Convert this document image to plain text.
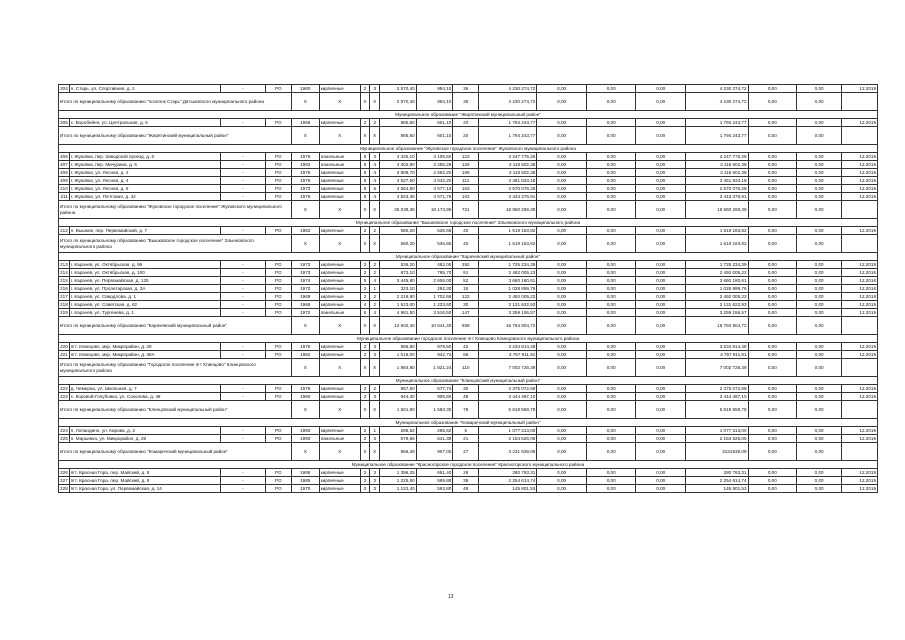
204	п. Старь, ул. Спортивная, д. 2	-	РО	1960	кирпичные	2	3	2 570,40	994,10	36	4 230 274,72	0,00	0,00	0,00	4 230 274,72	0,00	0,00	12.2019
Итого по муниципальному образованию "поселок Старь" Дятьковского муниципального района				X	X	X	X	2 570,40	994,10	36	4 230 274,72	0,00	0,00	0,00	4 230 274,72	0,00	0,00	
Муниципальное образование "Жирятинский муниципальный район"																		
205	с. Воробейня, ул. Центральная, д. 5	-	РО	1968	кирпичные	2	2	885,60	601,10	20	1 794 243,77	0,00	0,00	0,00	1 794 243,77	0,00	0,00	12.2019
Итого по муниципальному образованию "Жирятинский муниципальный район"				X	X	X	X	885,60	601,10	20	1 794 243,77	0,00	0,00	0,00	1 794 243,77	0,00	0,00	
Муниципальное образование "Жуковское городское поселение" Жуковского муниципального района																		
206	г. Жуковка, пер. Заводской проезд, д. 6	-	РО	1976	панельные	5	3	4 425,10	3 105,50	123	3 247 775,26	0,00	0,00	0,00	3 247 775,26	0,00	0,00	12.2019
207	г. Жуковка, пер. Мичурина, д. 5	-	РО	1983	панельные	5	4	4 402,90	3 285,29	125	3 118 602,38	0,00	0,00	0,00	3 118 602,38	0,00	0,00	12.2019
208	г. Жуковка, ул. Лесная, д. 2	-	РО	1975	кирпичные	5	4	3 809,70	2 592,20	106	3 118 602,38	0,00	0,00	0,00	3 118 602,38	0,00	0,00	12.2019
209	г. Жуковка, ул. Лесная, д. 4	-	РО	1976	кирпичные	5	4	4 527,50	3 042,20	112	3 461 833,18	0,00	0,00	0,00	3 461 833,18	0,00	0,00	12.2019
210	г. Жуковка, ул. Лесная, д. 6	-	РО	1973	кирпичные	5	6	4 554,60	3 077,13	153	2 570 076,28	0,00	0,00	0,00	2 570 076,28	0,00	0,00	12.2019
211	г. Жуковка, ул. Почтовая, д. 42	-	РО	1976	кирпичные	5	4	4 523,36	3 071,76	102	3 443 379,91	0,00	0,00	0,00	3 443 379,91	0,00	0,00	12.2019
Итого по муниципальному образованию "Жуковское городское поселение" Жуковского муниципального района				X	X	X	X	26 039,36	18 173,95	721	18 960 269,39	0,00	0,00	0,00	18 960 269,39	0,00	0,00	
Муниципальное образование "Вышковское городское поселение" Злынковского муниципального района																		
212	п. Вышков, пер. Первомайский, д. 7	-	РО	1962	кирпичные	2	2	580,20	536,65	40	1 619 163,82	0,00	0,00	0,00	1 619 163,82	0,00	0,00	12.2019
Итого по муниципальному образованию "Вышковское городское поселение" Злынковского муниципального района				X	X	X	X	580,20	536,65	40	1 619 163,82	0,00	0,00	0,00	1 619 163,82	0,00	0,00	
Муниципальное образование "Карачевский муниципальный район"																		
213	г. Карачев, ул. Октябрьская, д. 96	-	РО	1973	кирпичные	2	2	536,20	482,06	292	1 725 234,39	0,00	0,00	0,00	1 725 234,39	0,00	0,00	12.2019
214	г. Карачев, ул. Октябрьская, д. 100	-	РО	1973	кирпичные	2	2	873,10	795,70	91	2 492 005,23	0,00	0,00	0,00	2 492 005,23	0,00	0,00	12.2016
215	г. Карачев, ул. Первомайская, д. 125	-	РО	1974	кирпичные	5	4	3 445,80	2 606,00	52	3 660 180,61	0,00	0,00	0,00	3 660 180,61	0,00	0,00	12.2016
216	г. Карачев, ул. Пролетарская, д. 2А	-	РО	1972	кирпичные	2	1	323,10	292,30	15	1 028 899,76	0,00	0,00	0,00	1 028 899,76	0,00	0,00	12.2016
217	г. Карачев, ул. Свердлова, д. 1	-	РО	1969	кирпичные	2	2	2 219,90	1 702,66	122	2 492 005,23	0,00	0,00	0,00	2 492 005,23	0,00	0,00	12.2019
218	г. Карачев, ул. Советская, д. 62	-	РО	1968	кирпичные	4	2	1 623,00	1 233,60	30	2 131 622,93	0,00	0,00	0,00	2 131 622,93	0,00	0,00	12.2019
219	г. Карачев, ул. Тургенева, д. 1	-	РО	1972	панельные	5	4	4 981,50	3 516,50	147	3 259 156,57	0,00	0,00	0,00	3 259 156,57	0,00	0,00	12.2019
Итого по муниципальному образованию "Карачевский муниципальный район"				X	X	X	X	13 602,40	10 641,40	659	16 784 904,72	0,00	0,00	0,00	16 784 904,72	0,00	0,00	
Муниципальное образование городское поселение пгт Клинцово Клинцовского муниципального района																		
220	пгт. Клинцово, мкр. Микрорайон, д. 29	-	РО	1975	кирпичные	2	3	966,80	878,50	42	3 234 814,48	0,00	0,00	0,00	3 234 814,48	0,00	0,00	12.2019
221	пгт. Клинцово, мкр. Микрорайон, д. 38А	-	РО	1982	кирпичные	2	3	1 018,00	942,74	68	3 767 911,91	0,00	0,00	0,00	3 767 911,91	0,00	0,00	12.2019
Итого по муниципальному образованию "Городское поселение пгт Клинцово" Клинцовского муниципального района				X	X	X	X	1 984,80	1 821,24	110	7 002 726,39	0,00	0,00	0,00	7 002 726,39	0,00	0,00	
Муниципальное образование "Клинцовский муниципальный район"																		
222	д. Чемерна, ул. Школьная, д. 7	-	РО	1978	кирпичные	2	2	657,60	677,74	30	2 375 072,68	0,00	0,00	0,00	2 375 072,68	0,00	0,00	12.2019
223	с. Коровой-Голубовка, ул. Соколова, д. 48	-	РО	1960	кирпичные	2	3	944,30	905,60	49	3 444 487,10	0,00	0,00	0,00	3 444 487,10	0,00	0,00	12.2019
Итого по муниципальному образованию "Клинцовский муниципальный район"				X	X	X	X	1 601,90	1 583,30	79	5 819 559,78	0,00	0,00	0,00	5 819 559,78	0,00	0,00	
Муниципальное образование "Комаричский муниципальный район"																		
224	п. Лопандино, ул. Кирова, д. 2	-	РО	1960	кирпичные	2	1	286,62	265,62	6	1 077 313,00	0,00	0,00	0,00	1 077 313,00	0,00	0,00	12.2019
225	п. Марьинка, ул. Микрорайон, д. 28	-	РО	1990	панельные	2	3	679,66	641,38	21	2 154 626,06	0,00	0,00	0,00	2 154 626,06	0,00	0,00	12.2019
Итого по муниципальному образованию "Комаричский муниципальный район"				X	X	X	X	966,28	907,00	27	3 231 939,09	0,00	0,00	0,00	3231939,09	0,00	0,00	
Муниципальное образование "Красногорское городское поселение" Красногорского муниципального района																		
226	пгт. Красная Гора, пер. Майский, д. 8	-	РО	1986	кирпичные	2	3	1 396,25	651,40	28	280 783,31	0,00	0,00	0,00	280 783,31	0,00	0,00	12.2019
227	пгт. Красная Гора, пер. Майский, д. 6	-	РО	1985	кирпичные	2	3	1 225,50	589,88	38	2 254 614,74	0,00	0,00	0,00	2 254 614,74	0,00	0,00	12.2019
228	пгт. Красная Гора, ул. Первомайская, д. 14	-	РО	1970	кирпичные	2	3	1 122,40	593,80	48	145 801,53	0,00	0,00	0,00	145 801,53	0,00	0,00	12.2019
13
